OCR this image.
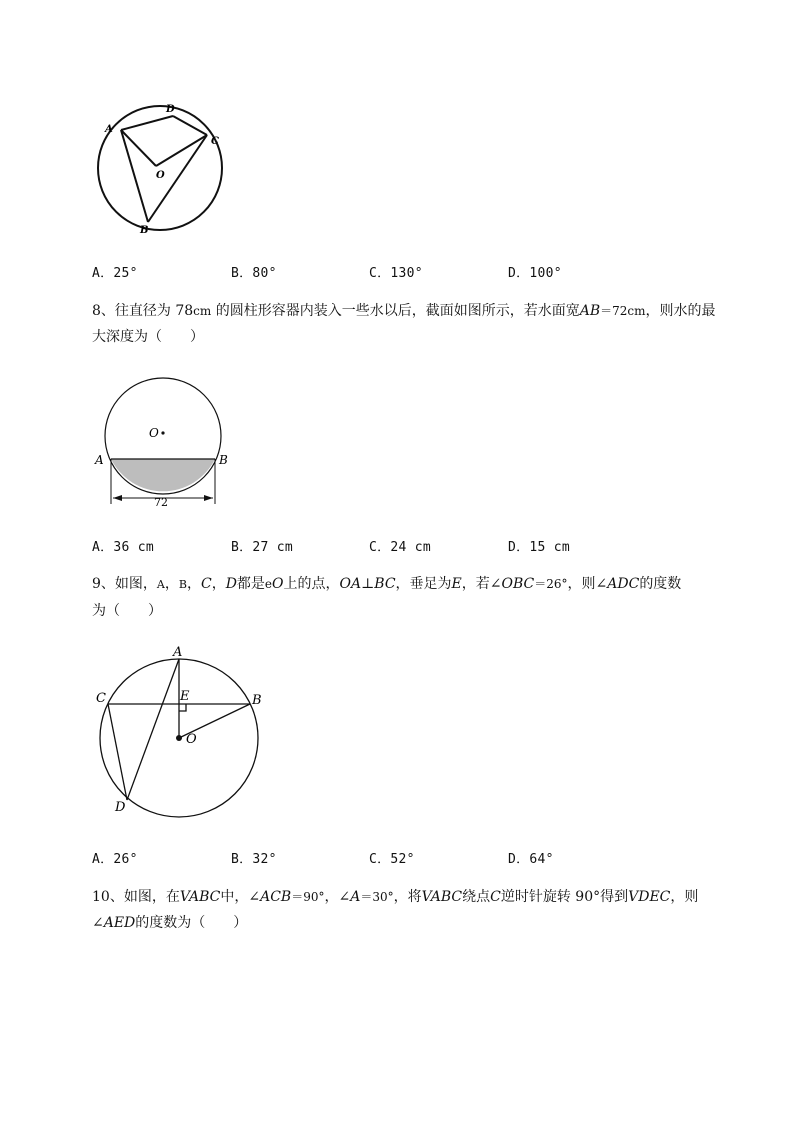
A
D
C
O
B
A．25°	B．80°	C．130°	D．100°
8、往直径为 78cm 的圆柱形容器内装入一些水以后，截面如图所示，若水面宽AB＝72cm，则水的最
大深度为（　　）
O
A	B
72
A．36 cm	B．27 cm	C．24 cm	D．15 cm
9、如图，A，B，C，D都是eO上的点，OA⊥BC，垂足为E，若∠OBC＝26°，则∠ADC的度数
为（　　）
A
C	E	B
O
D
A．26°	B．32°	C．52°	D．64°
10、如图，在VABC中，∠ACB＝90°，∠A＝30°，将VABC绕点C逆时针旋转 90°得到VDEC，则
∠AED的度数为（　　）
